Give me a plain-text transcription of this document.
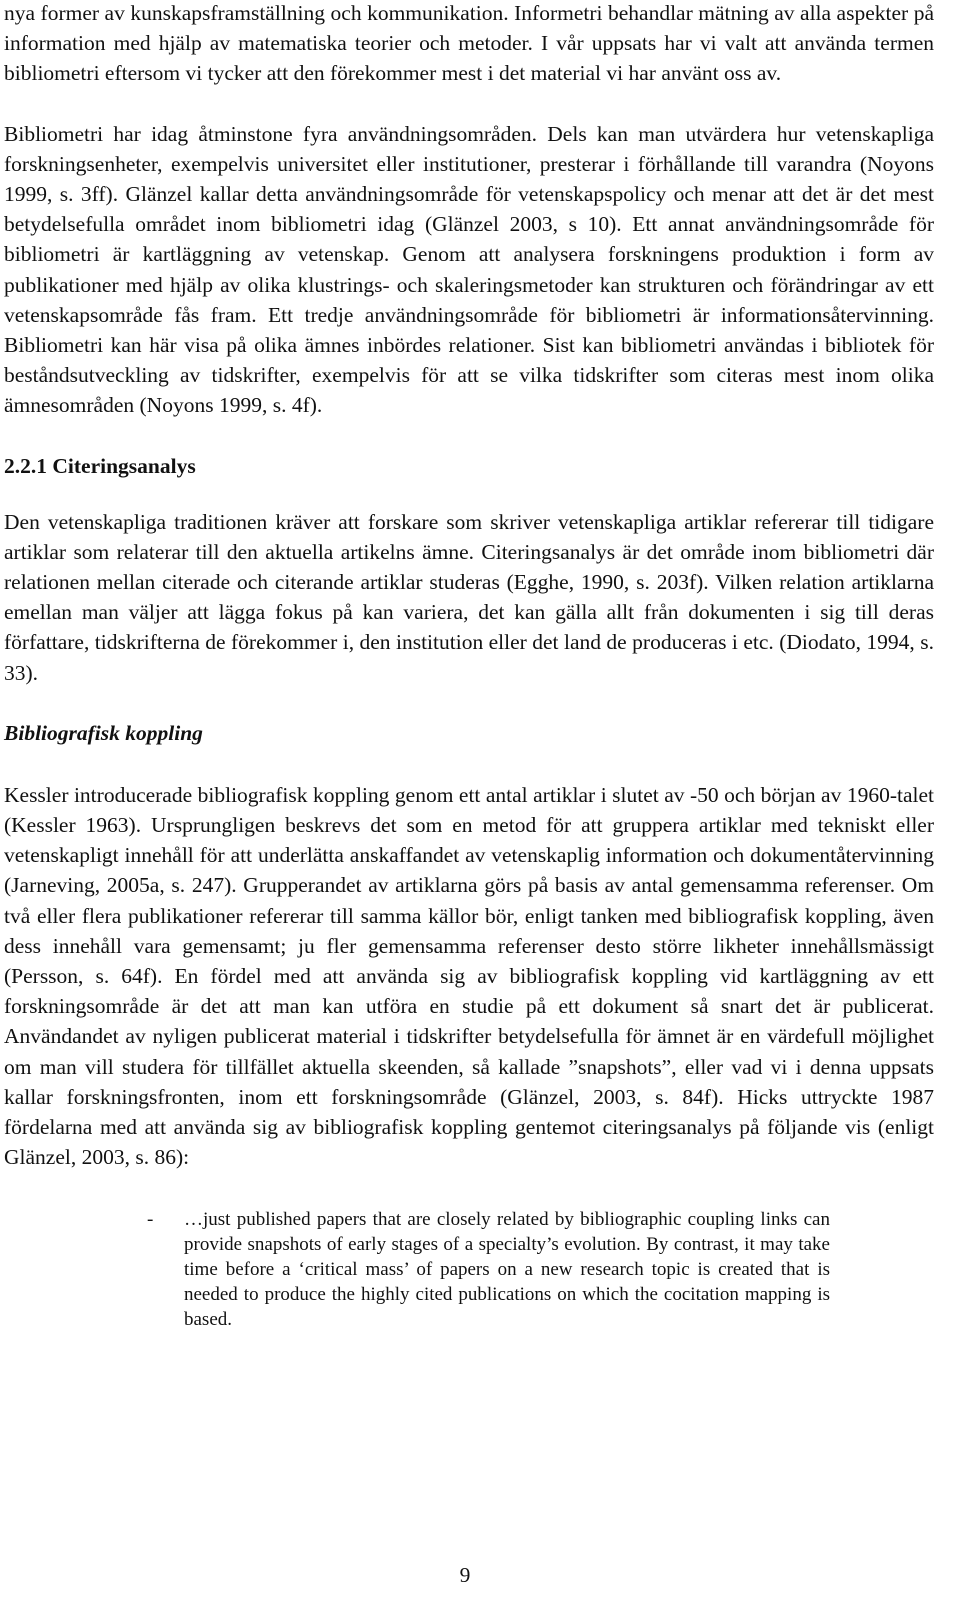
nya former av kunskapsframställning och kommunikation. Informetri behandlar mätning av alla aspekter på information med hjälp av matematiska teorier och metoder. I vår uppsats har vi valt att använda termen bibliometri eftersom vi tycker att den förekommer mest i det material vi har använt oss av.

Bibliometri har idag åtminstone fyra användningsområden. Dels kan man utvärdera hur vetenskapliga forskningsenheter, exempelvis universitet eller institutioner, presterar i förhållande till varandra (Noyons 1999, s. 3ff). Glänzel kallar detta användningsområde för vetenskapspolicy och menar att det är det mest betydelsefulla området inom bibliometri idag (Glänzel 2003, s 10). Ett annat användningsområde för bibliometri är kartläggning av vetenskap. Genom att analysera forskningens produktion i form av publikationer med hjälp av olika klustrings- och skaleringsmetoder kan strukturen och förändringar av ett vetenskapsområde fås fram. Ett tredje användningsområde för bibliometri är informationsåtervinning. Bibliometri kan här visa på olika ämnes inbördes relationer. Sist kan bibliometri användas i bibliotek för beståndsutveckling av tidskrifter, exempelvis för att se vilka tidskrifter som citeras mest inom olika ämnesområden (Noyons 1999, s. 4f).

2.2.1 Citeringsanalys

Den vetenskapliga traditionen kräver att forskare som skriver vetenskapliga artiklar refererar till tidigare artiklar som relaterar till den aktuella artikelns ämne. Citeringsanalys är det område inom bibliometri där relationen mellan citerade och citerande artiklar studeras (Egghe, 1990, s. 203f). Vilken relation artiklarna emellan man väljer att lägga fokus på kan variera, det kan gälla allt från dokumenten i sig till deras författare, tidskrifterna de förekommer i, den institution eller det land de produceras i etc. (Diodato, 1994, s. 33).

Bibliografisk koppling

Kessler introducerade bibliografisk koppling genom ett antal artiklar i slutet av -50 och början av 1960-talet (Kessler 1963). Ursprungligen beskrevs det som en metod för att gruppera artiklar med tekniskt eller vetenskapligt innehåll för att underlätta anskaffandet av vetenskaplig information och dokumentåtervinning (Jarneving, 2005a, s. 247). Grupperandet av artiklarna görs på basis av antal gemensamma referenser. Om två eller flera publikationer refererar till samma källor bör, enligt tanken med bibliografisk koppling, även dess innehåll vara gemensamt; ju fler gemensamma referenser desto större likheter innehållsmässigt (Persson, s. 64f). En fördel med att använda sig av bibliografisk koppling vid kartläggning av ett forskningsområde är det att man kan utföra en studie på ett dokument så snart det är publicerat. Användandet av nyligen publicerat material i tidskrifter betydelsefulla för ämnet är en värdefull möjlighet om man vill studera för tillfället aktuella skeenden, så kallade ”snapshots”, eller vad vi i denna uppsats kallar forskningsfronten, inom ett forskningsområde (Glänzel, 2003, s. 84f). Hicks uttryckte 1987 fördelarna med att använda sig av bibliografisk koppling gentemot citeringsanalys på följande vis (enligt Glänzel, 2003, s. 86):

- …just published papers that are closely related by bibliographic coupling links can provide snapshots of early stages of a specialty’s evolution. By contrast, it may take time before a ‘critical mass’ of papers on a new research topic is created that is needed to produce the highly cited publications on which the cocitation mapping is based.
9
